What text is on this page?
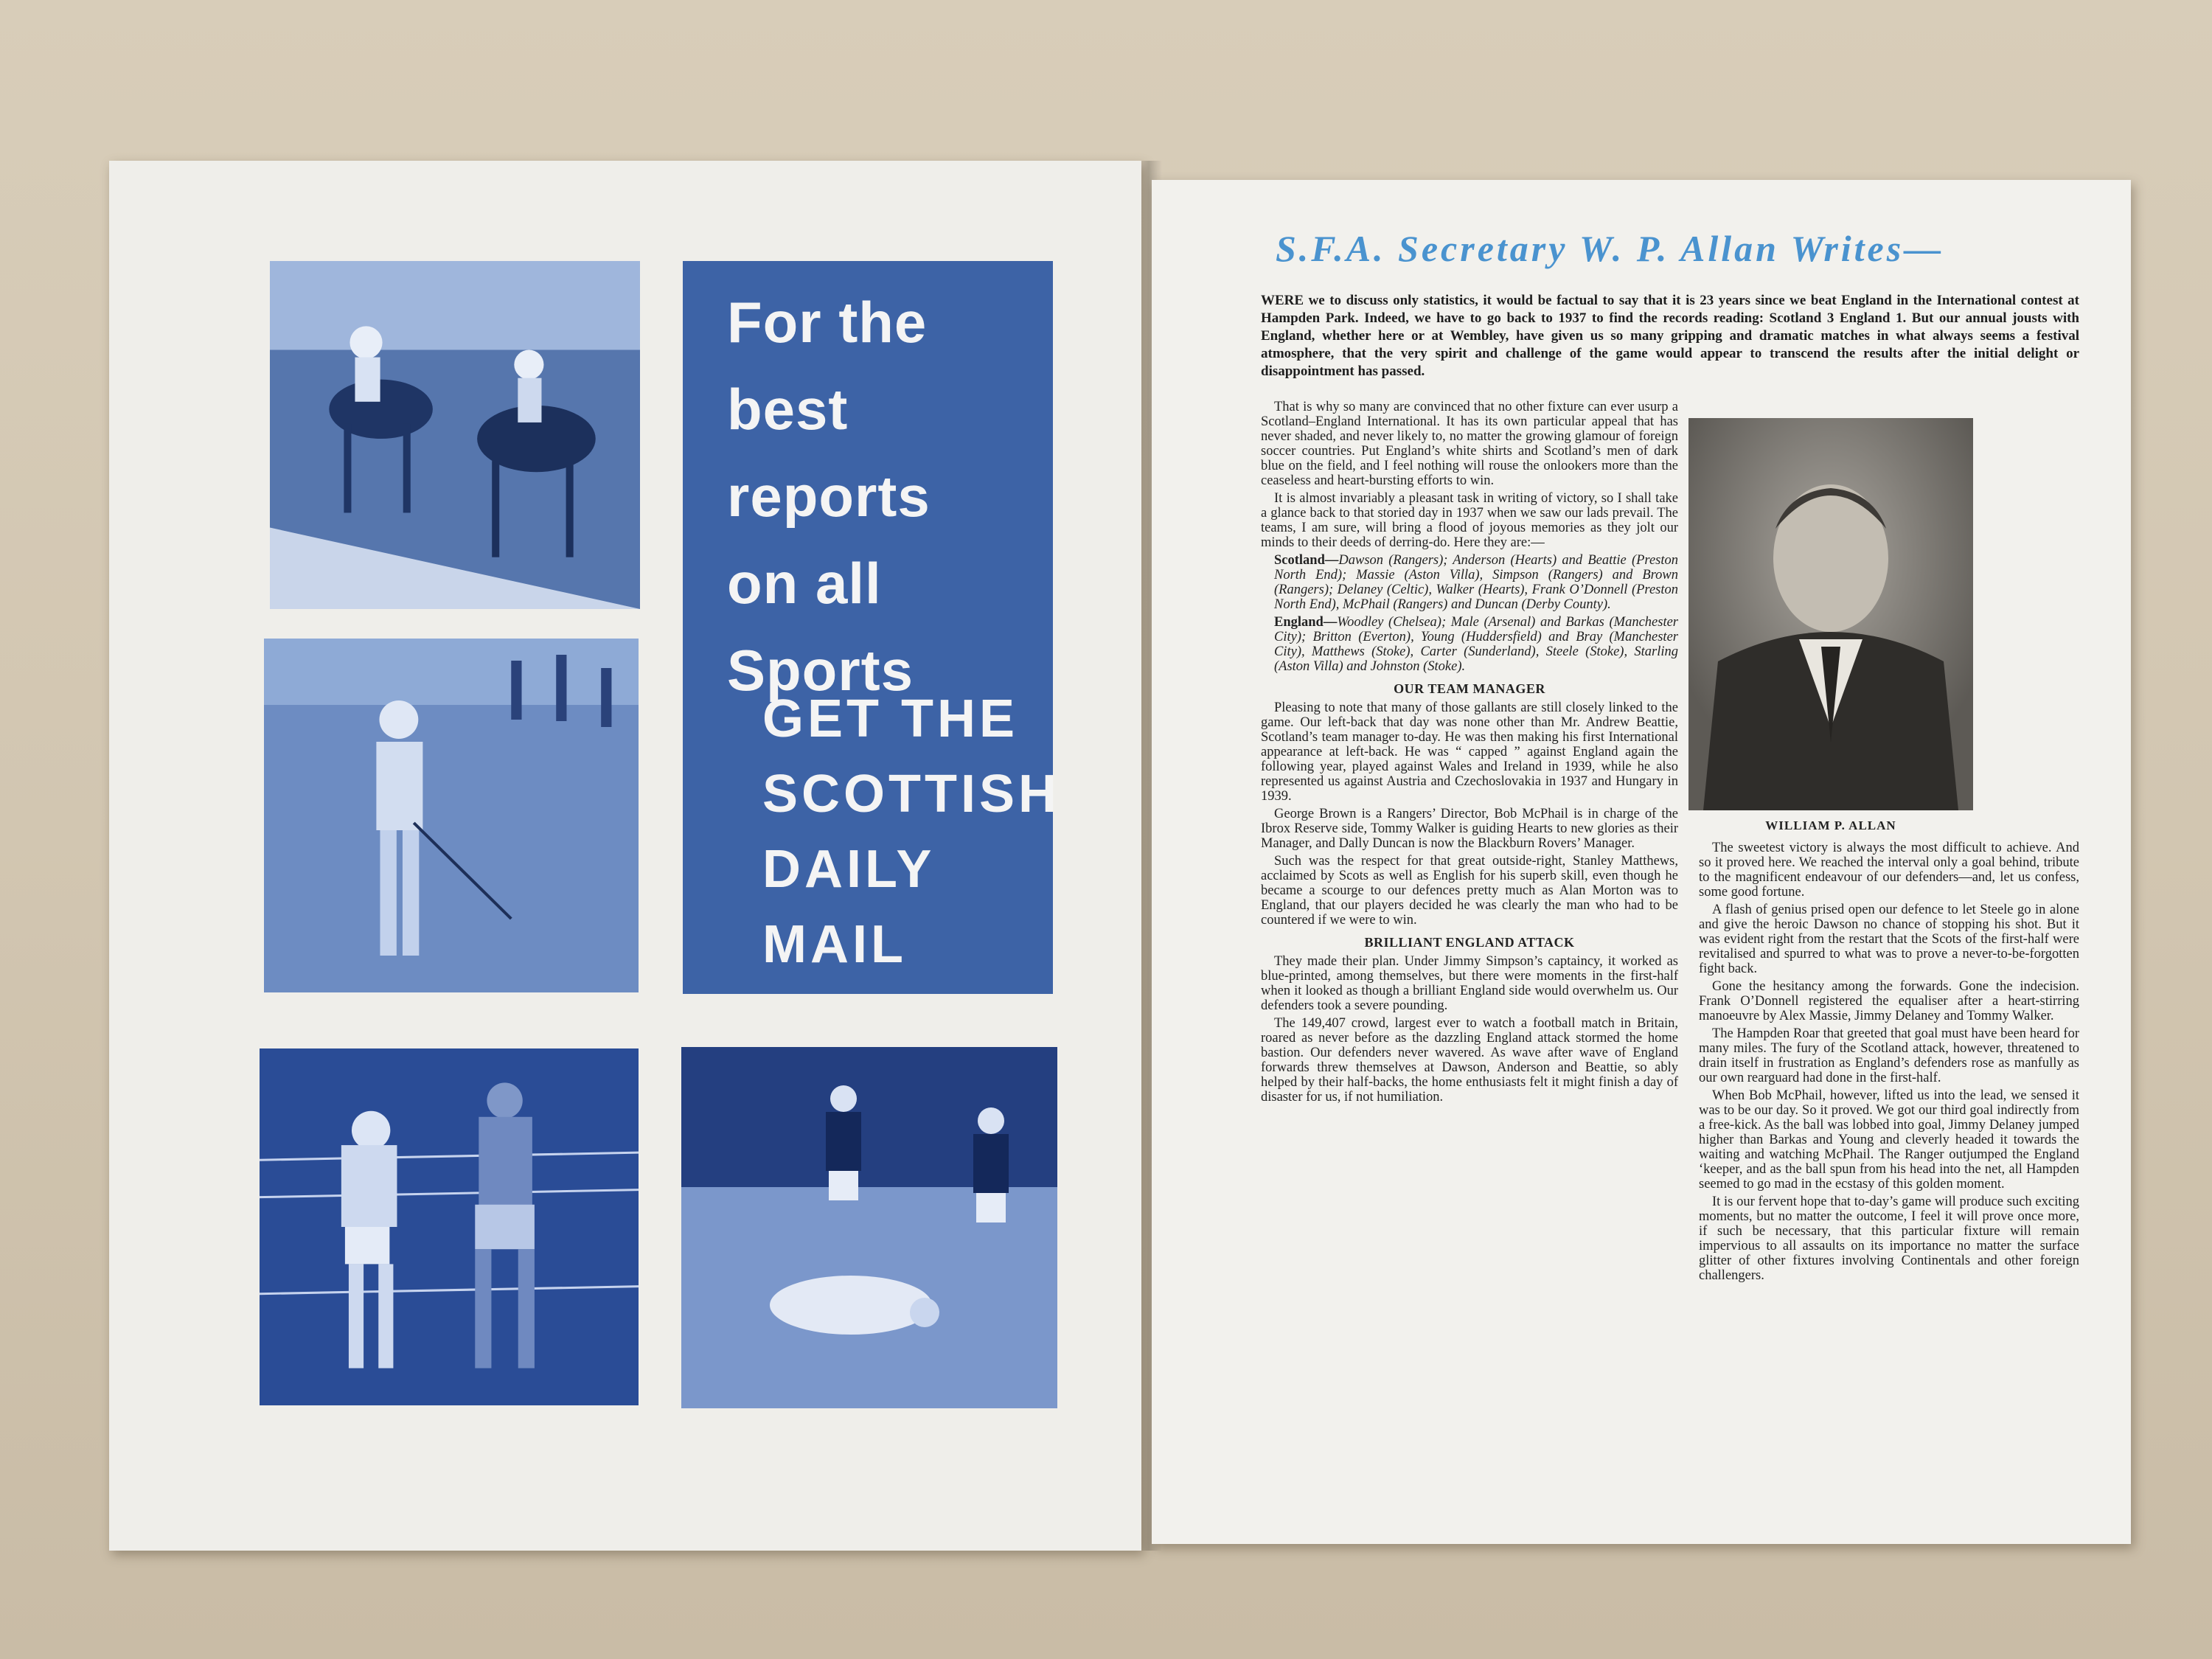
For the
best
reports
on all
Sports
GET THE
SCOTTISH
DAILY
MAIL
S.F.A. Secretary W. P. Allan Writes—
WERE we to discuss only statistics, it would be factual to say that it is 23 years since we beat England in the International contest at Hampden Park. Indeed, we have to go back to 1937 to find the records reading: Scotland 3 England 1. But our annual jousts with England, whether here or at Wembley, have given us so many gripping and dramatic matches in what always seems a festival atmosphere, that the very spirit and challenge of the game would appear to transcend the results after the initial delight or disappointment has passed.

That is why so many are convinced that no other fixture can ever usurp a Scotland–England International. It has its own particular appeal that has never shaded, and never likely to, no matter the growing glamour of foreign soccer countries. Put England’s white shirts and Scotland’s men of dark blue on the field, and I feel nothing will rouse the onlookers more than the ceaseless and heart-bursting efforts to win.

It is almost invariably a pleasant task in writing of victory, so I shall take a glance back to that storied day in 1937 when we saw our lads prevail. The teams, I am sure, will bring a flood of joyous memories as they jolt our minds to their deeds of derring-do. Here they are:—

Scotland—Dawson (Rangers); Anderson (Hearts) and Beattie (Preston North End); Massie (Aston Villa), Simpson (Rangers) and Brown (Rangers); Delaney (Celtic), Walker (Hearts), Frank O’Donnell (Preston North End), McPhail (Rangers) and Duncan (Derby County).

England—Woodley (Chelsea); Male (Arsenal) and Barkas (Manchester City); Britton (Everton), Young (Huddersfield) and Bray (Manchester City), Matthews (Stoke), Carter (Sunderland), Steele (Stoke), Starling (Aston Villa) and Johnston (Stoke).

OUR TEAM MANAGER

Pleasing to note that many of those gallants are still closely linked to the game. Our left-back that day was none other than Mr. Andrew Beattie, Scotland’s team manager to-day. He was then making his first International appearance at left-back. He was “ capped ” against England again the following year, played against Wales and Ireland in 1939, while he also represented us against Austria and Czechoslovakia in 1937 and Hungary in 1939.

George Brown is a Rangers’ Director, Bob McPhail is in charge of the Ibrox Reserve side, Tommy Walker is guiding Hearts to new glories as their Manager, and Dally Duncan is now the Blackburn Rovers’ Manager.

Such was the respect for that great outside-right, Stanley Matthews, acclaimed by Scots as well as English for his superb skill, even though he became a scourge to our defences pretty much as Alan Morton was to England, that our players decided he was clearly the man who had to be countered if we were to win.

BRILLIANT ENGLAND ATTACK

They made their plan. Under Jimmy Simpson’s captaincy, it worked as blue-printed, among themselves, but there were moments in the first-half when it looked as though a brilliant England side would overwhelm us. Our defenders took a severe pounding.

The 149,407 crowd, largest ever to watch a football match in Britain, roared as never before as the dazzling England attack stormed the home bastion. Our defenders never wavered. As wave after wave of England forwards threw themselves at Dawson, Anderson and Beattie, so ably helped by their half-backs, the home enthusiasts felt it might finish a day of disaster for us, if not humiliation.

WILLIAM P. ALLAN

The sweetest victory is always the most difficult to achieve. And so it proved here. We reached the interval only a goal behind, tribute to the magnificent endeavour of our defenders—and, let us confess, some good fortune.

A flash of genius prised open our defence to let Steele go in alone and give the heroic Dawson no chance of stopping his shot. But it was evident right from the restart that the Scots of the first-half were revitalised and spurred to what was to prove a never-to-be-forgotten fight back.

Gone the hesitancy among the forwards. Gone the indecision. Frank O’Donnell registered the equaliser after a heart-stirring manoeuvre by Alex Massie, Jimmy Delaney and Tommy Walker.

The Hampden Roar that greeted that goal must have been heard for many miles. The fury of the Scotland attack, however, threatened to drain itself in frustration as England’s defenders rose as manfully as our own rearguard had done in the first-half.

When Bob McPhail, however, lifted us into the lead, we sensed it was to be our day. So it proved. We got our third goal indirectly from a free-kick. As the ball was lobbed into goal, Jimmy Delaney jumped higher than Barkas and Young and cleverly headed it towards the waiting and watching McPhail. The Ranger outjumped the England ‘keeper, and as the ball spun from his head into the net, all Hampden seemed to go mad in the ecstasy of this golden moment.

It is our fervent hope that to-day’s game will produce such exciting moments, but no matter the outcome, I feel it will prove once more, if such be necessary, that this particular fixture will remain impervious to all assaults on its importance no matter the surface glitter of other fixtures involving Continentals and other foreign challengers.
